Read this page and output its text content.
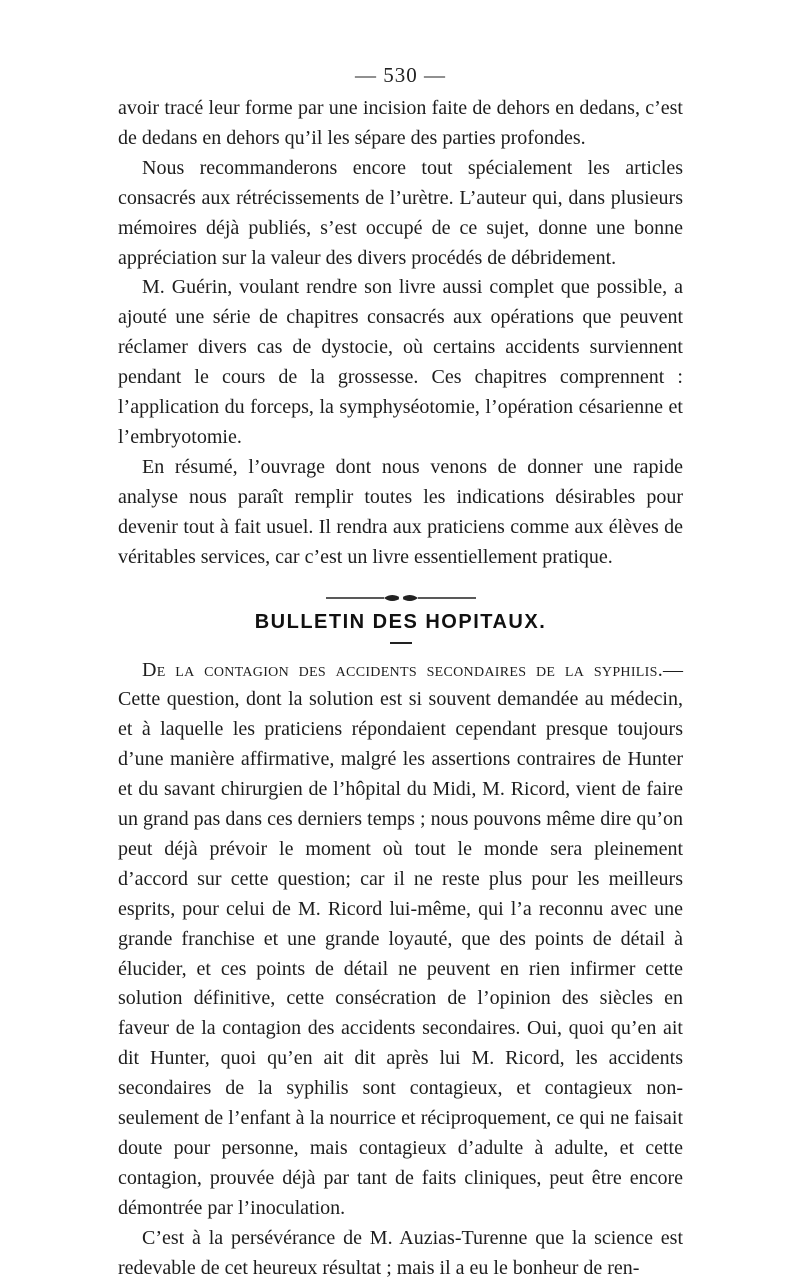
— 530 —

avoir tracé leur forme par une incision faite de dehors en dedans, c’est de dedans en dehors qu’il les sépare des parties profondes.

Nous recommanderons encore tout spécialement les articles consacrés aux rétrécissements de l’urètre. L’auteur qui, dans plusieurs mémoires déjà publiés, s’est occupé de ce sujet, donne une bonne appréciation sur la valeur des divers procédés de débridement.

M. Guérin, voulant rendre son livre aussi complet que possible, a ajouté une série de chapitres consacrés aux opérations que peuvent réclamer divers cas de dystocie, où certains accidents surviennent pendant le cours de la grossesse. Ces chapitres comprennent : l’application du forceps, la symphyséotomie, l’opération césarienne et l’embryotomie.

En résumé, l’ouvrage dont nous venons de donner une rapide analyse nous paraît remplir toutes les indications désirables pour devenir tout à fait usuel. Il rendra aux praticiens comme aux élèves de véritables services, car c’est un livre essentiellement pratique.

BULLETIN DES HOPITAUX.

De la contagion des accidents secondaires de la syphilis.—Cette question, dont la solution est si souvent demandée au médecin, et à laquelle les praticiens répondaient cependant presque toujours d’une manière affirmative, malgré les assertions contraires de Hunter et du savant chirurgien de l’hôpital du Midi, M. Ricord, vient de faire un grand pas dans ces derniers temps ; nous pouvons même dire qu’on peut déjà prévoir le moment où tout le monde sera pleinement d’accord sur cette question; car il ne reste plus pour les meilleurs esprits, pour celui de M. Ricord lui-même, qui l’a reconnu avec une grande franchise et une grande loyauté, que des points de détail à élucider, et ces points de détail ne peuvent en rien infirmer cette solution définitive, cette consécration de l’opinion des siècles en faveur de la contagion des accidents secondaires. Oui, quoi qu’en ait dit Hunter, quoi qu’en ait dit après lui M. Ricord, les accidents secondaires de la syphilis sont contagieux, et contagieux non-seulement de l’enfant à la nourrice et réciproquement, ce qui ne faisait doute pour personne, mais contagieux d’adulte à adulte, et cette contagion, prouvée déjà par tant de faits cliniques, peut être encore démontrée par l’inoculation.

C’est à la persévérance de M. Auzias-Turenne que la science est redevable de cet heureux résultat ; mais il a eu le bonheur de ren-
